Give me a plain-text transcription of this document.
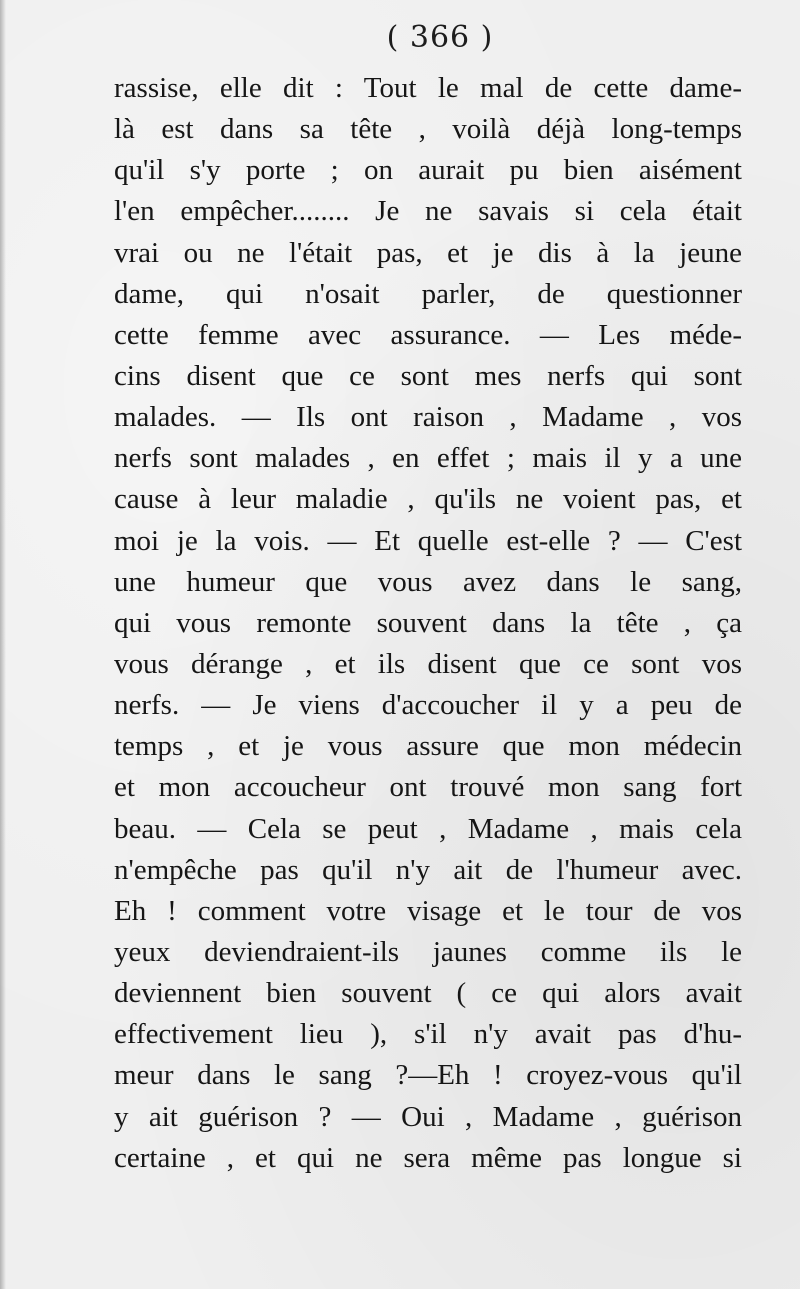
( 366 )
rassise, elle dit : Tout le mal de cette dame-
là est dans sa tête , voilà déjà long-temps
qu'il s'y porte ; on aurait pu bien aisément
l'en empêcher........ Je ne savais si cela était
vrai ou ne l'était pas, et je dis à la jeune
dame, qui n'osait parler, de questionner
cette femme avec assurance. — Les méde-
cins disent que ce sont mes nerfs qui sont
malades. — Ils ont raison , Madame , vos
nerfs sont malades , en effet ; mais il y a une
cause à leur maladie , qu'ils ne voient pas, et
moi je la vois. — Et quelle est-elle ? — C'est
une humeur que vous avez dans le sang,
qui vous remonte souvent dans la tête , ça
vous dérange , et ils disent que ce sont vos
nerfs. — Je viens d'accoucher il y a peu de
temps , et je vous assure que mon médecin
et mon accoucheur ont trouvé mon sang fort
beau. — Cela se peut , Madame , mais cela
n'empêche pas qu'il n'y ait de l'humeur avec.
Eh ! comment votre visage et le tour de vos
yeux deviendraient-ils jaunes comme ils le
deviennent bien souvent ( ce qui alors avait
effectivement lieu ), s'il n'y avait pas d'hu-
meur dans le sang ?—Eh ! croyez-vous qu'il
y ait guérison ? — Oui , Madame , guérison
certaine , et qui ne sera même pas longue si
